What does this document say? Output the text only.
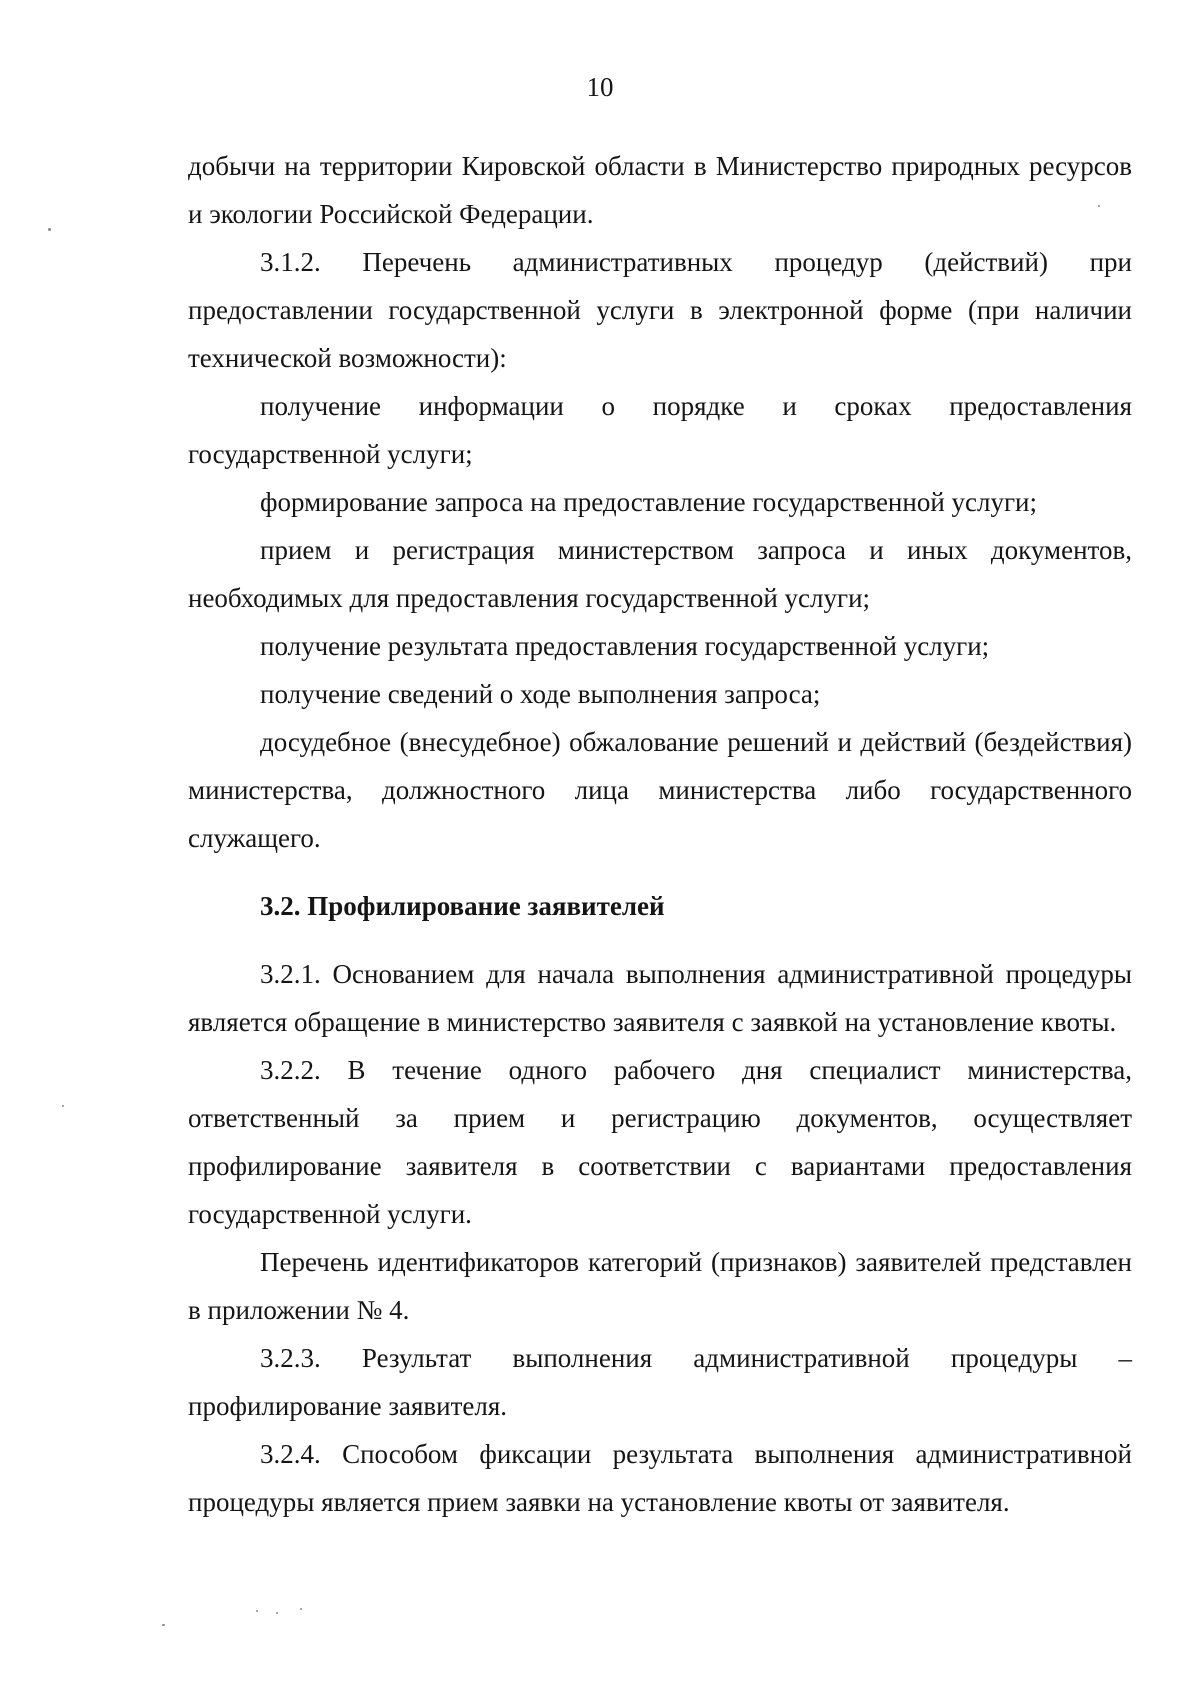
10

добычи на территории Кировской области в Министерство природных ресурсов и экологии Российской Федерации.

3.1.2. Перечень административных процедур (действий) при предоставлении государственной услуги в электронной форме (при наличии технической возможности):

получение информации о порядке и сроках предоставления государственной услуги;

формирование запроса на предоставление государственной услуги;

прием и регистрация министерством запроса и иных документов, необходимых для предоставления государственной услуги;

получение результата предоставления государственной услуги;

получение сведений о ходе выполнения запроса;

досудебное (внесудебное) обжалование решений и действий (бездействия) министерства, должностного лица министерства либо государственного служащего.

3.2. Профилирование заявителей

3.2.1. Основанием для начала выполнения административной процедуры является обращение в министерство заявителя с заявкой на установление квоты.

3.2.2. В течение одного рабочего дня специалист министерства, ответственный за прием и регистрацию документов, осуществляет профилирование заявителя в соответствии с вариантами предоставления государственной услуги.

Перечень идентификаторов категорий (признаков) заявителей представлен в приложении № 4.

3.2.3. Результат выполнения административной процедуры – профилирование заявителя.

3.2.4. Способом фиксации результата выполнения административной процедуры является прием заявки на установление квоты от заявителя.
